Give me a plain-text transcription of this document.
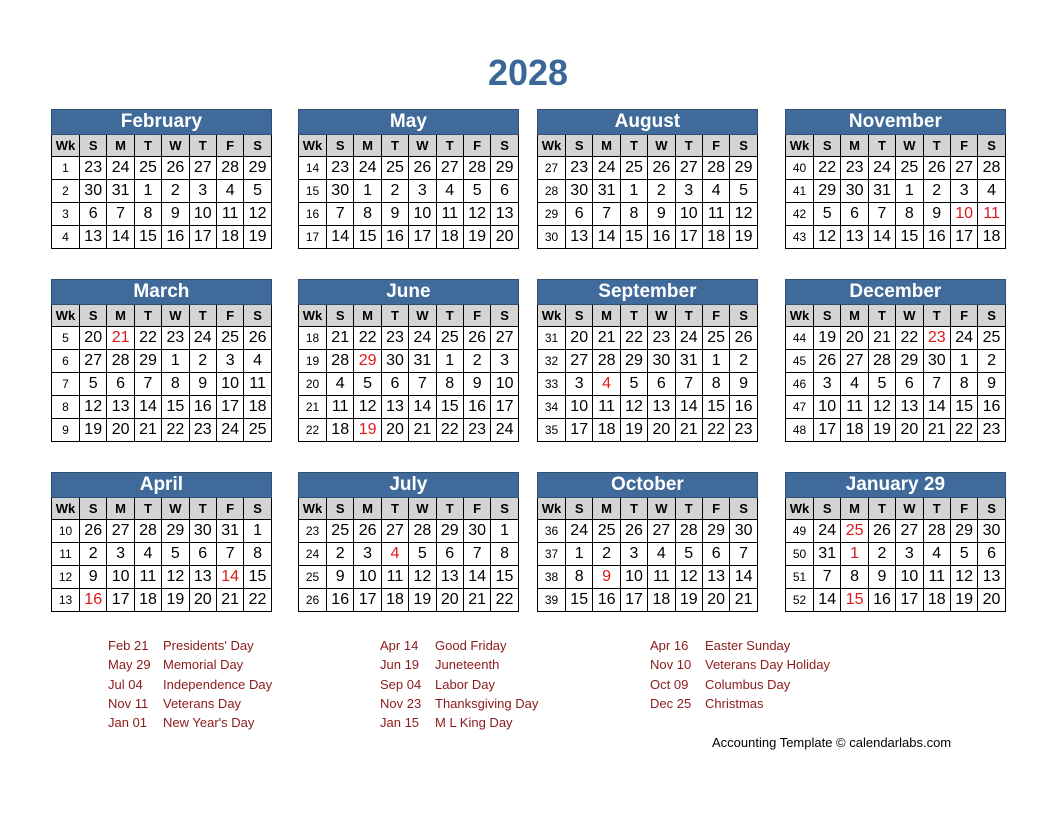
2028
February							
Wk	S	M	T	W	T	F	S
1	23	24	25	26	27	28	29
2	30	31	1	2	3	4	5
3	6	7	8	9	10	11	12
4	13	14	15	16	17	18	19
May							
Wk	S	M	T	W	T	F	S
14	23	24	25	26	27	28	29
15	30	1	2	3	4	5	6
16	7	8	9	10	11	12	13
17	14	15	16	17	18	19	20
August							
Wk	S	M	T	W	T	F	S
27	23	24	25	26	27	28	29
28	30	31	1	2	3	4	5
29	6	7	8	9	10	11	12
30	13	14	15	16	17	18	19
November							
Wk	S	M	T	W	T	F	S
40	22	23	24	25	26	27	28
41	29	30	31	1	2	3	4
42	5	6	7	8	9	10	11
43	12	13	14	15	16	17	18
March							
Wk	S	M	T	W	T	F	S
5	20	21	22	23	24	25	26
6	27	28	29	1	2	3	4
7	5	6	7	8	9	10	11
8	12	13	14	15	16	17	18
9	19	20	21	22	23	24	25
June							
Wk	S	M	T	W	T	F	S
18	21	22	23	24	25	26	27
19	28	29	30	31	1	2	3
20	4	5	6	7	8	9	10
21	11	12	13	14	15	16	17
22	18	19	20	21	22	23	24
September							
Wk	S	M	T	W	T	F	S
31	20	21	22	23	24	25	26
32	27	28	29	30	31	1	2
33	3	4	5	6	7	8	9
34	10	11	12	13	14	15	16
35	17	18	19	20	21	22	23
December							
Wk	S	M	T	W	T	F	S
44	19	20	21	22	23	24	25
45	26	27	28	29	30	1	2
46	3	4	5	6	7	8	9
47	10	11	12	13	14	15	16
48	17	18	19	20	21	22	23
April							
Wk	S	M	T	W	T	F	S
10	26	27	28	29	30	31	1
11	2	3	4	5	6	7	8
12	9	10	11	12	13	14	15
13	16	17	18	19	20	21	22
July							
Wk	S	M	T	W	T	F	S
23	25	26	27	28	29	30	1
24	2	3	4	5	6	7	8
25	9	10	11	12	13	14	15
26	16	17	18	19	20	21	22
October							
Wk	S	M	T	W	T	F	S
36	24	25	26	27	28	29	30
37	1	2	3	4	5	6	7
38	8	9	10	11	12	13	14
39	15	16	17	18	19	20	21
January 29							
Wk	S	M	T	W	T	F	S
49	24	25	26	27	28	29	30
50	31	1	2	3	4	5	6
51	7	8	9	10	11	12	13
52	14	15	16	17	18	19	20
Feb 21 Presidents' Day
May 29 Memorial Day
Jul 04 Independence Day
Nov 11 Veterans Day
Jan 01 New Year's Day
Apr 14 Good Friday
Jun 19 Juneteenth
Sep 04 Labor Day
Nov 23 Thanksgiving Day
Jan 15 M L King Day
Apr 16 Easter Sunday
Nov 10 Veterans Day Holiday
Oct 09 Columbus Day
Dec 25 Christmas
Accounting Template © calendarlabs.com
